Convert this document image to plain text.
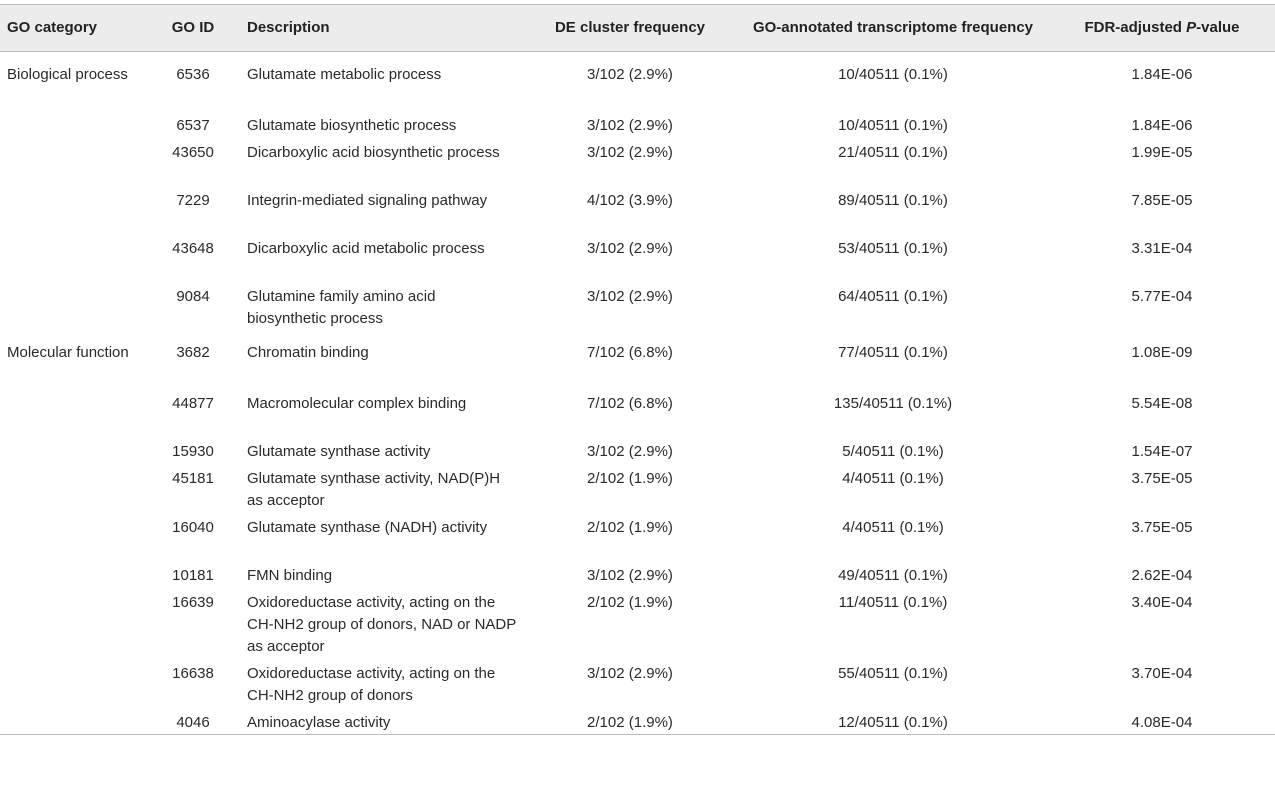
GO category	GO ID	Description	DE cluster frequency	GO-annotated transcriptome frequency	FDR-adjusted P-value
Biological process	6536	Glutamate metabolic process	3/102 (2.9%)	10/40511 (0.1%)	1.84E-06
	6537	Glutamate biosynthetic process	3/102 (2.9%)	10/40511 (0.1%)	1.84E-06
	43650	Dicarboxylic acid biosynthetic process	3/102 (2.9%)	21/40511 (0.1%)	1.99E-05
	7229	Integrin-mediated signaling pathway	4/102 (3.9%)	89/40511 (0.1%)	7.85E-05
	43648	Dicarboxylic acid metabolic process	3/102 (2.9%)	53/40511 (0.1%)	3.31E-04
	9084	Glutamine family amino acid biosynthetic process	3/102 (2.9%)	64/40511 (0.1%)	5.77E-04
Molecular function	3682	Chromatin binding	7/102 (6.8%)	77/40511 (0.1%)	1.08E-09
	44877	Macromolecular complex binding	7/102 (6.8%)	135/40511 (0.1%)	5.54E-08
	15930	Glutamate synthase activity	3/102 (2.9%)	5/40511 (0.1%)	1.54E-07
	45181	Glutamate synthase activity, NAD(P)H as acceptor	2/102 (1.9%)	4/40511 (0.1%)	3.75E-05
	16040	Glutamate synthase (NADH) activity	2/102 (1.9%)	4/40511 (0.1%)	3.75E-05
	10181	FMN binding	3/102 (2.9%)	49/40511 (0.1%)	2.62E-04
	16639	Oxidoreductase activity, acting on the CH-NH2 group of donors, NAD or NADP as acceptor	2/102 (1.9%)	11/40511 (0.1%)	3.40E-04
	16638	Oxidoreductase activity, acting on the CH-NH2 group of donors	3/102 (2.9%)	55/40511 (0.1%)	3.70E-04
	4046	Aminoacylase activity	2/102 (1.9%)	12/40511 (0.1%)	4.08E-04
